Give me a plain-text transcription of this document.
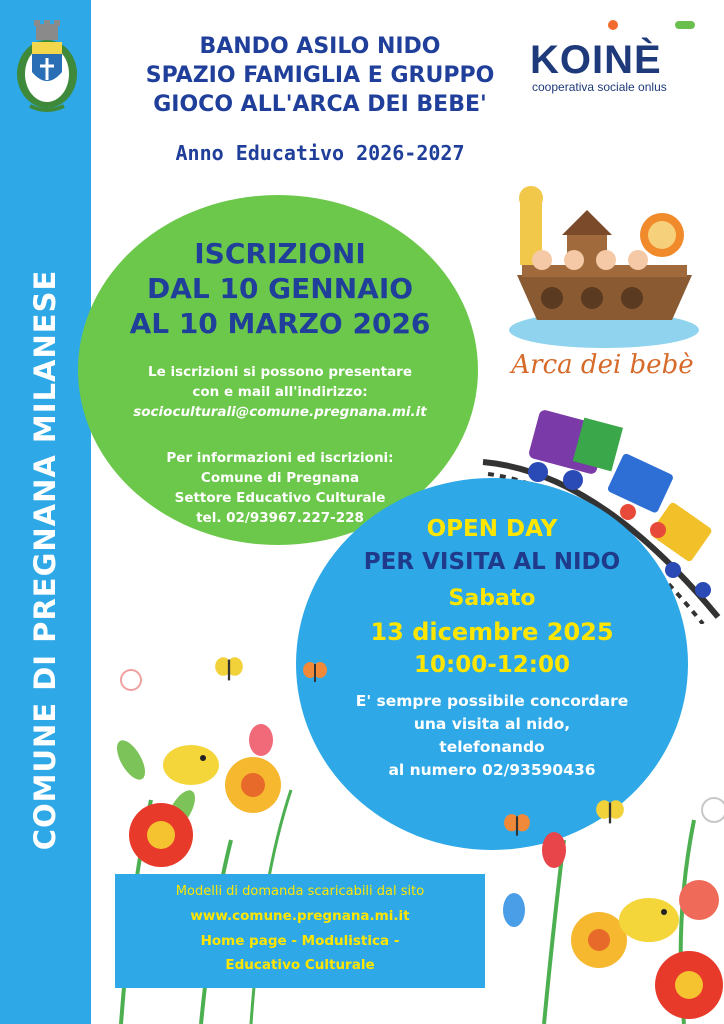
COMUNE DI PREGNANA MILANESE
BANDO ASILO NIDO
SPAZIO FAMIGLIA E GRUPPO
GIOCO ALL'ARCA DEI BEBE'
KOINÈ
cooperativa sociale onlus
Anno Educativo 2026-2027
ISCRIZIONI
DAL 10 GENNAIO
AL 10 MARZO 2026
Le iscrizioni si possono presentare
con e mail all'indirizzo:
socioculturali@comune.pregnana.mi.it
Per informazioni ed iscrizioni:
Comune di Pregnana
Settore Educativo Culturale
tel. 02/93967.227-228
Arca dei bebè
OPEN DAY
PER VISITA AL NIDO
Sabato
13 dicembre 2025
10:00-12:00
E' sempre possibile concordare
una visita al nido,
telefonando
al numero 02/93590436
Modelli di domanda scaricabili dal sito
www.comune.pregnana.mi.it
Home page - Modulistica -
Educativo Culturale
